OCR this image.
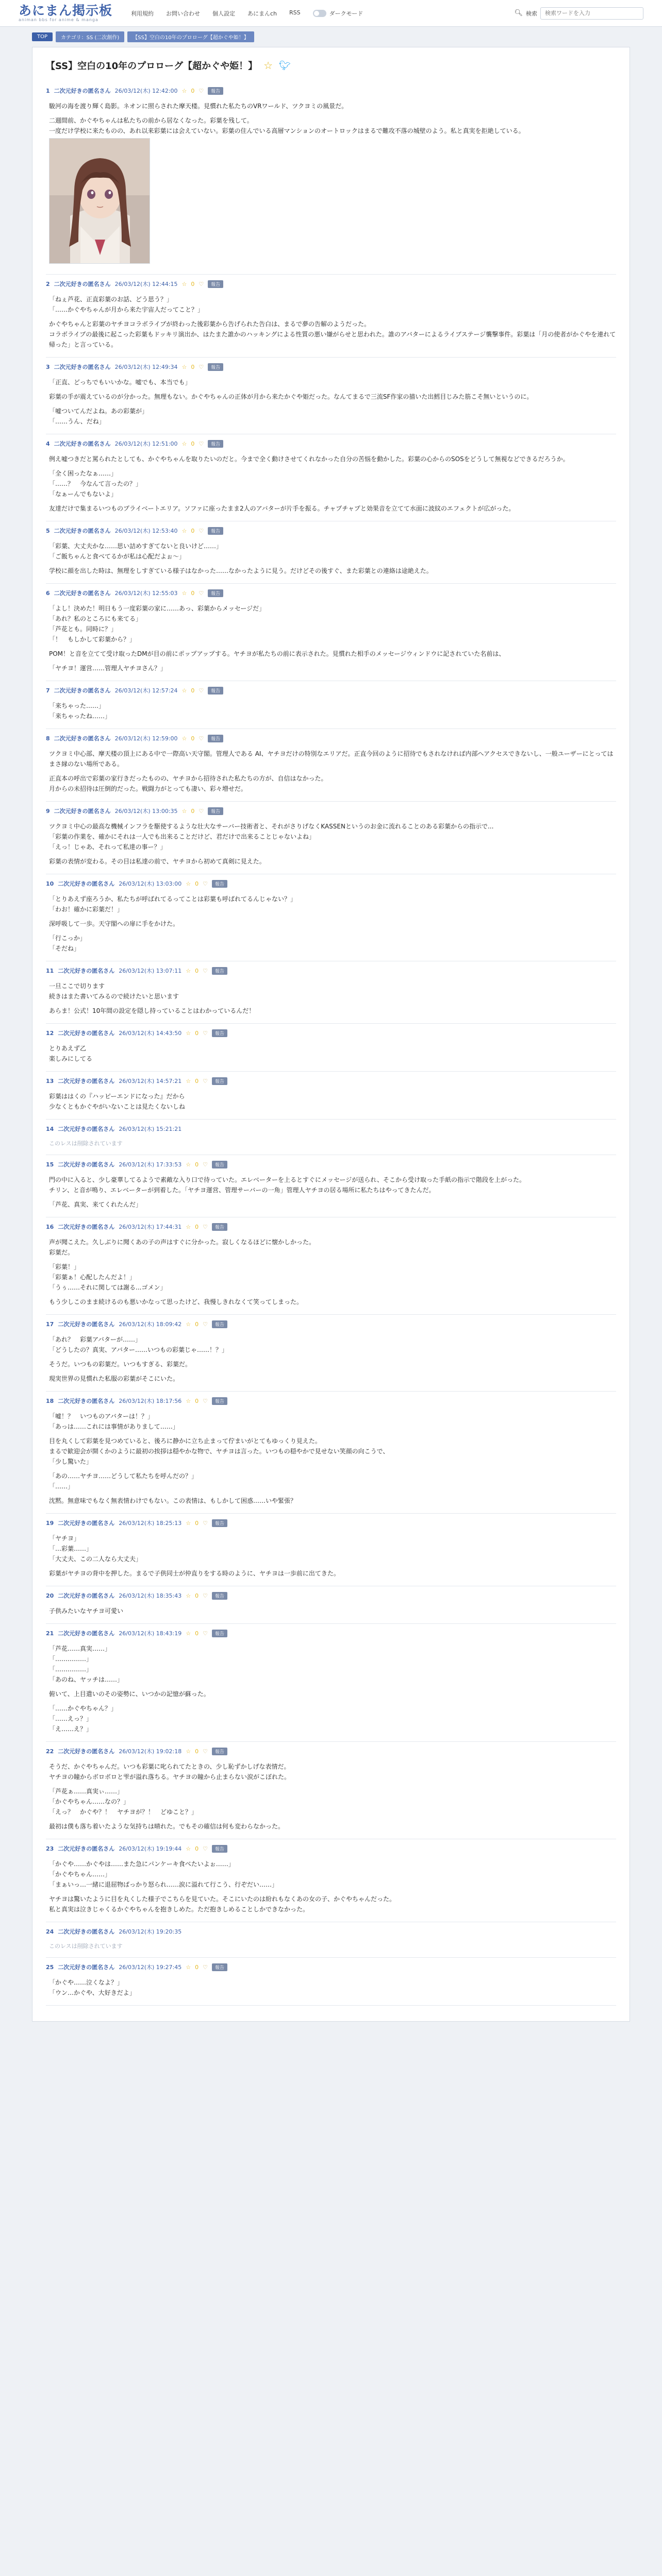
あにまん掲示板
animan bbs for anime & manga
利用規約 お問い合わせ 個人設定 あにまんch RSS	ダークモード	🔍︎ 検索
検索ワードを入力
TOP	カテゴリ：SS (二次創作)	【SS】空白の10年のプロローグ【超かぐや姫！】
【SS】空白の10年のプロローグ【超かぐや姫！】 ☆ 🐦︎
1 二次元好きの匿名さん 26/03/12(木) 12:42:00 ☆ 0 ♡	報告
駿河の海を渡り輝く島影。ネオンに照らされた摩天楼。見慣れた私たちのVRワールド、ツクヨミの風景だ。
二週間前、かぐやちゃんは私たちの前から居なくなった。彩葉を残して。
一度だけ学校に来たものの、あれ以来彩葉には会えていない。彩葉の住んでいる高層マンションのオートロックはまるで難攻不落の城壁のよう。私と真実を拒絶している。
2 二次元好きの匿名さん 26/03/12(木) 12:44:15 ☆ 0 ♡	報告
「ねぇ芦花、正直彩葉のお話、どう思う？」
「……かぐやちゃんが月から来た宇宙人だってこと？」
かぐやちゃんと彩葉のヤチヨコラボライブが終わった後彩葉から告げられた告白は、まるで夢の告解のようだった。
コラボライブの最後に起こった彩葉もドッキリ演出か、はたまた誰かのハッキングによる性質の悪い嫌がらせと思われた。誰のアバターによるライブステージ襲撃事件。彩葉は「月の使者がかぐやを連れて帰った」と言っている。
3 二次元好きの匿名さん 26/03/12(木) 12:49:34 ☆ 0 ♡	報告
「正直、どっちでもいいかな。嘘でも、本当でも」
彩葉の手が震えているのが分かった。無理もない。かぐやちゃんの正体が月から来たかぐや姫だった。なんてまるで三流SF作家の描いた出鱈目じみた筋こそ無いというのに。
「嘘ついてんだよね。あの彩葉が」
「……うん、だね」
4 二次元好きの匿名さん 26/03/12(木) 12:51:00 ☆ 0 ♡	報告
例え嘘つきだと罵られたとしても、かぐやちゃんを取りたいのだと。今まで全く動けさせてくれなかった自分の苦悩を動かした。彩葉の心からのSOSをどうして無視などできるだろうか。
「全く困ったなぁ……」
「……？　今なんて言ったの？」
「なぁーんでもないよ」
友達だけで集まるいつものプライベートエリア。ソファに座ったまま2人のアバターが片手を振る。チャプチャプと効果音を立てて水面に波紋のエフェクトが広がった。
5 二次元好きの匿名さん 26/03/12(木) 12:53:40 ☆ 0 ♡	報告
「彩葉、大丈夫かな……思い詰めすぎてないと良いけど……」
「ご飯ちゃんと食べてるかが私は心配だよぉ～」
学校に顔を出した時は、無理をしすぎている様子はなかった……なかったように見う。だけどその後すぐ、また彩葉との連絡は途絶えた。
6 二次元好きの匿名さん 26/03/12(木) 12:55:03 ☆ 0 ♡	報告
「よし！決めた！明日もう一度彩葉の家に……あっ、彩葉からメッセージだ」
「あれ？私のところにも来てる」
「芦花とも。同時に？」
「！　もしかして彩葉から？」
POM！と音を立てて受け取ったDMが目の前にポップアップする。ヤチヨが私たちの前に表示された。見慣れた相手のメッセージウィンドウに記されていた名前は、
「ヤチヨ！運営……管理人ヤチヨさん？」
7 二次元好きの匿名さん 26/03/12(木) 12:57:24 ☆ 0 ♡	報告
「来ちゃった……」
「来ちゃったね……」
8 二次元好きの匿名さん 26/03/12(木) 12:59:00 ☆ 0 ♡	報告
ツクヨミ中心部、摩天楼の頂上にある中で一際高い天守閣。管理人である AI、ヤチヨだけの特別なエリアだ。正直今回のように招待でもされなければ内部へアクセスできないし、一般ユーザーにとってはまさ縁のない場所である。
正直本の呼出で彩葉の家行きだったものの、ヤチヨから招待された私たちの方が、自信はなかった。
月からの未招待は圧倒的だった。戦闘力がとっても凄い、彩々増せだ。
9 二次元好きの匿名さん 26/03/12(木) 13:00:35 ☆ 0 ♡	報告
ツクヨミ中心の最高な機械インフラを駆使するような壮大なサーバー技術者と、それがさりげなくKASSENというのお金に流れることのある彩葉からの指示で...
「彩葉の作業を、確かにそれは一人でも出来ることだけど、君だけで出来ることじゃないよね」
「えっ！じゃあ、それって私達の事ー？」
彩葉の表情が変わる。その目は私達の前で、ヤチヨから初めて真剣に見えた。
10 二次元好きの匿名さん 26/03/12(木) 13:03:00 ☆ 0 ♡	報告
「とりあえず座ろうか、私たちが呼ばれてるってことは彩葉も呼ばれてるんじゃない？」
「わお！確かに彩葉だ！」
深呼吸して一歩。天守閣への扉に手をかけた。
「行こっか」
「そだね」
11 二次元好きの匿名さん 26/03/12(木) 13:07:11 ☆ 0 ♡	報告
一旦ここで切ります
続きはまた書いてみるので続けたいと思います
あらま！公式！10年間の設定を隠し持っていることはわかっているんだ！
12 二次元好きの匿名さん 26/03/12(木) 14:43:50 ☆ 0 ♡	報告
とりあえず乙
楽しみにしてる
13 二次元好きの匿名さん 26/03/12(木) 14:57:21 ☆ 0 ♡	報告
彩葉ははくの『ハッピーエンドになった』だから
少なくともかぐやがいないことは見たくないしね
14 二次元好きの匿名さん 26/03/12(木) 15:21:21
このレスは削除されています
15 二次元好きの匿名さん 26/03/12(木) 17:33:53 ☆ 0 ♡	報告
門の中に入ると、少し豪華してるようで素敵な入り口で待っていた。エレベーターを上るとすぐにメッセージが送られ、そこから受け取った手紙の指示で階段を上がった。
チリン、と音が鳴り、エレベーターが到着した。「ヤチヨ運営、管理サーバーの一角」管理人ヤチヨの居る場所に私たちはやってきたんだ。
「芦花、真実、来てくれたんだ」
16 二次元好きの匿名さん 26/03/12(木) 17:44:31 ☆ 0 ♡	報告
声が聞こえた。久しぶりに聞くあの子の声はすぐに分かった。寂しくなるほどに懐かしかった。
彩葉だ。
「彩葉！」
「彩葉ぁ！心配したんだよ！」
「うぅ……それに関しては謝る...ゴメン」
もう少しこのまま続けるのも悪いかなって思ったけど、我慢しきれなくて笑ってしまった。
17 二次元好きの匿名さん 26/03/12(木) 18:09:42 ☆ 0 ♡	報告
「あれ？　彩葉アバターが……」
「どうしたの？真実、アバター……いつもの彩葉じゃ……！？」
そうだ。いつもの彩葉だ。いつもすぎる、彩葉だ。
現実世界の見慣れた私服の彩葉がそこにいた。
18 二次元好きの匿名さん 26/03/12(木) 18:17:56 ☆ 0 ♡	報告
「嘘！？　いつものアバターは！？」
「あっは……これには事情がありまして……」
目を丸くして彩葉を見つめていると、後ろに静かに立ち止まって佇まいがとてもゆっくり見えた。
まるで歓迎会が開くかのように最初の挨拶は穏やかな物で、ヤチヨは言った。いつもの穏やかで見せない笑顔の向こうで、
「少し驚いた」
「あの……ヤチヨ……どうして私たちを呼んだの？」
「……」
沈黙。無意味でもなく無表情わけでもない。この表情は、もしかして困惑……いや緊張？
19 二次元好きの匿名さん 26/03/12(木) 18:25:13 ☆ 0 ♡	報告
「ヤチヨ」
「…彩葉……」
「大丈夫、この二人なら大丈夫」
彩葉がヤチヨの背中を押した。まるで子供同士が仲直りをする時のように、ヤチヨは一歩前に出てきた。
20 二次元好きの匿名さん 26/03/12(木) 18:35:43 ☆ 0 ♡	報告
子供みたいなヤチヨ可愛い
21 二次元好きの匿名さん 26/03/12(木) 18:43:19 ☆ 0 ♡	報告
「芦花……真実……」
「……………」
「……………」
「あのね、ヤッチは……」
俯いて、上目遣いのその姿勢に、いつかの記憶が蘇った。
「……かぐやちゃん？」
「……えっ？」
「え……え？」
22 二次元好きの匿名さん 26/03/12(木) 19:02:18 ☆ 0 ♡	報告
そうだ、かぐやちゃんだ。いつも彩葉に叱られてたときの、少し恥ずかしげな表情だ。
ヤチヨの瞳からボロボロと雫が溢れ落ちる。ヤチヨの瞳から止まらない涙がこぼれた。
「芦花ぁ……真実ぃ……」
「かぐやちゃん……なの？」
「えっ？　かぐや？！　ヤチヨが？！　どゆこと？」
最初は僕も落ち着いたような気持ちは晴れた。でもその確信は何も変わらなかった。
23 二次元好きの匿名さん 26/03/12(木) 19:19:44 ☆ 0 ♡	報告
「かぐや……かぐやは……また急にパンケーキ食べたいよぉ……」
「かぐやちゃん……」
「まぁいっ…一緒に退屈物ばっかり怒られ……涙に溢れて行こう、行ぞだい……」
ヤチヨは驚いたように目を丸くした様子でこちらを見ていた。そこにいたのは紛れもなくあの女の子、かぐやちゃんだった。
私と真実は泣きじゃくるかぐやちゃんを抱きしめた。ただ抱きしめることしかできなかった。
24 二次元好きの匿名さん 26/03/12(木) 19:20:35
このレスは削除されています
25 二次元好きの匿名さん 26/03/12(木) 19:27:45 ☆ 0 ♡	報告
「かぐや……泣くなよ？」
「ウン…かぐや、大好きだよ」
